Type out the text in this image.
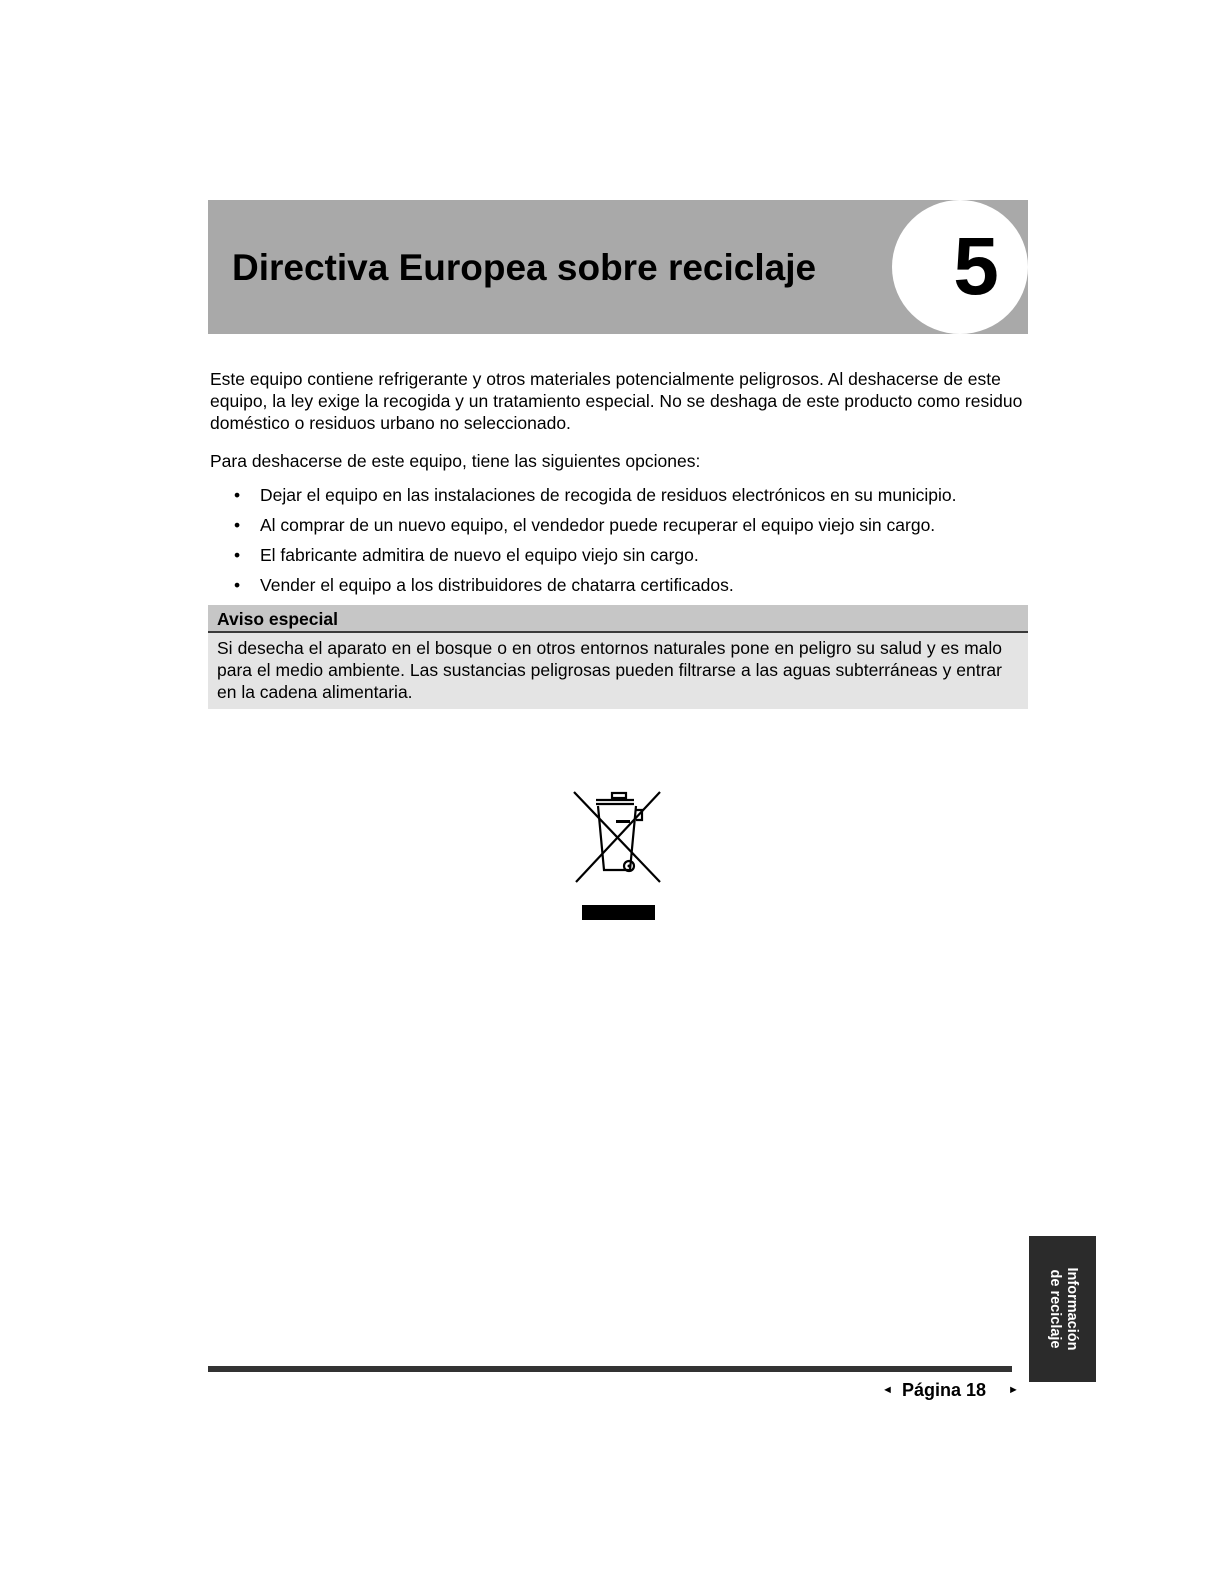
Directiva Europea sobre reciclaje	5

Este equipo contiene refrigerante y otros materiales potencialmente peligrosos. Al deshacerse de este equipo, la ley exige la recogida y un tratamiento especial. No se deshaga de este producto como residuo doméstico o residuos urbano no seleccionado.

Para deshacerse de este equipo, tiene las siguientes opciones:

• Dejar el equipo en las instalaciones de recogida de residuos electrónicos en su municipio.
• Al comprar de un nuevo equipo, el vendedor puede recuperar el equipo viejo sin cargo.
• El fabricante admitira de nuevo el equipo viejo sin cargo.
• Vender el equipo a los distribuidores de chatarra certificados.
Aviso especial

Si desecha el aparato en el bosque o en otros entornos naturales pone en peligro su salud y es malo para el medio ambiente. Las sustancias peligrosas pueden filtrarse a las aguas subterráneas y entrar en la cadena alimentaria.

◄ Página 18 ►
Información
de reciclaje
